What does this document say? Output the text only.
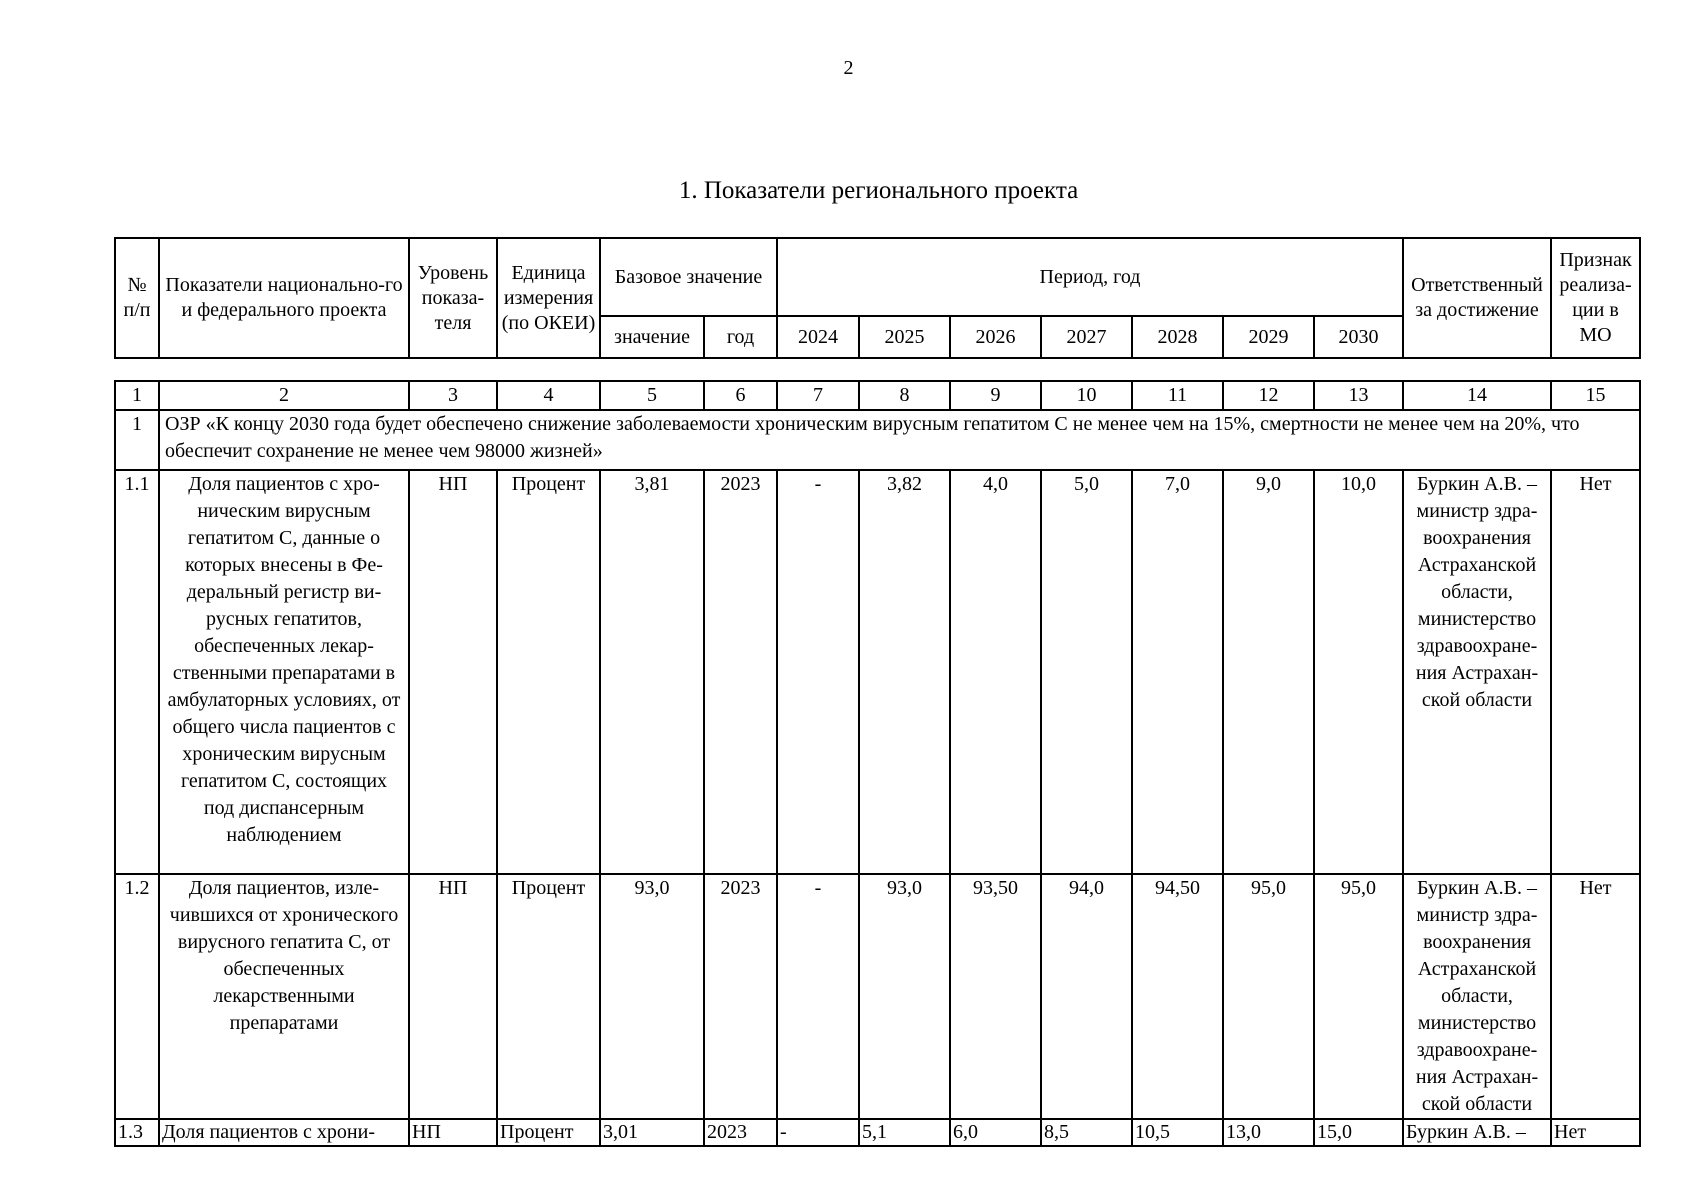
2
1. Показатели регионального проекта
№ п/п	Показатели национально-го и федерального проекта	Уровень показа-теля	Единица измерения (по ОКЕИ)	Базовое значение		Период, год							Ответственный за достижение	Признак реализа-ции в МО
				значение	год	2024	2025	2026	2027	2028	2029	2030		
1	2	3	4	5	6	7	8	9	10	11	12	13	14	15
1	ОЗР «К концу 2030 года будет обеспечено снижение заболеваемости хроническим вирусным гепатитом С не менее чем на 15%, смертности не менее чем на 20%, что обеспечит сохранение не менее чем 98000 жизней»													
1.1	Доля пациентов с хроническим вирусным гепатитом С, данные о которых внесены в Федеральный регистр вирусных гепатитов, обеспеченных лекарственными препаратами в амбулаторных условиях, от общего числа пациентов с хроническим вирусным гепатитом С, состоящих под диспансерным наблюдением	НП	Процент	3,81	2023	-	3,82	4,0	5,0	7,0	9,0	10,0	Буркин А.В. – министр здра-воохранения Астраханской области, министерство здравоохране-ния Астрахан-ской области	Нет
1.2	Доля пациентов, излечившихся от хронического вирусного гепатита С, от обеспеченных лекарственными препаратами	НП	Процент	93,0	2023	-	93,0	93,50	94,0	94,50	95,0	95,0	Буркин А.В. – министр здра-воохранения Астраханской области, министерство здравоохране-ния Астрахан-ской области	Нет
1.3	Доля пациентов с хрони-	НП	Процент	3,01	2023	-	5,1	6,0	8,5	10,5	13,0	15,0	Буркин А.В. –	Нет
